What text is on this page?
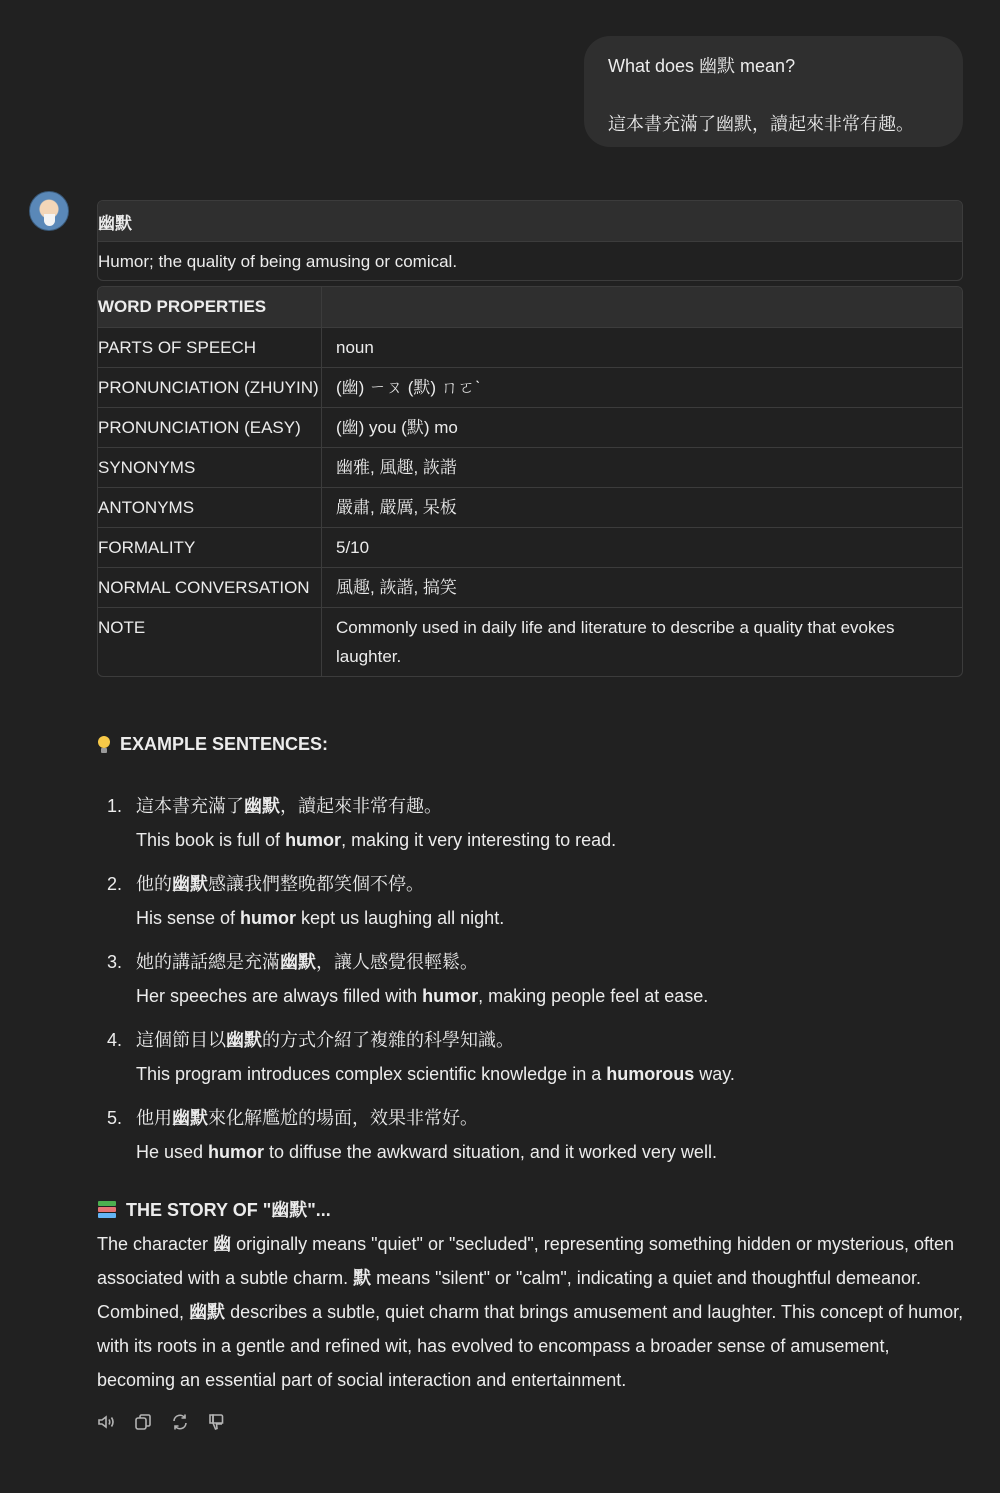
What does 幽默 mean?
這本書充滿了幽默，讀起來非常有趣。
幽默
Humor; the quality of being amusing or comical.
WORD PROPERTIES	
PARTS OF SPEECH	noun
PRONUNCIATION (ZHUYIN)	(幽) ㄧㄡ (默) ㄇㄛˋ
PRONUNCIATION (EASY)	(幽) you (默) mo
SYNONYMS	幽雅, 風趣, 詼諧
ANTONYMS	嚴肅, 嚴厲, 呆板
FORMALITY	5/10
NORMAL CONVERSATION	風趣, 詼諧, 搞笑
NOTE	Commonly used in daily life and literature to describe a quality that evokes laughter.
EXAMPLE SENTENCES:
1. 這本書充滿了幽默，讀起來非常有趣。
This book is full of humor, making it very interesting to read.
2. 他的幽默感讓我們整晚都笑個不停。
His sense of humor kept us laughing all night.
3. 她的講話總是充滿幽默，讓人感覺很輕鬆。
Her speeches are always filled with humor, making people feel at ease.
4. 這個節目以幽默的方式介紹了複雜的科學知識。
This program introduces complex scientific knowledge in a humorous way.
5. 他用幽默來化解尷尬的場面，效果非常好。
He used humor to diffuse the awkward situation, and it worked very well.
THE STORY OF "幽默"...
The character 幽 originally means "quiet" or "secluded", representing something hidden or mysterious, often associated with a subtle charm. 默 means "silent" or "calm", indicating a quiet and thoughtful demeanor. Combined, 幽默 describes a subtle, quiet charm that brings amusement and laughter. This concept of humor, with its roots in a gentle and refined wit, has evolved to encompass a broader sense of amusement, becoming an essential part of social interaction and entertainment.
